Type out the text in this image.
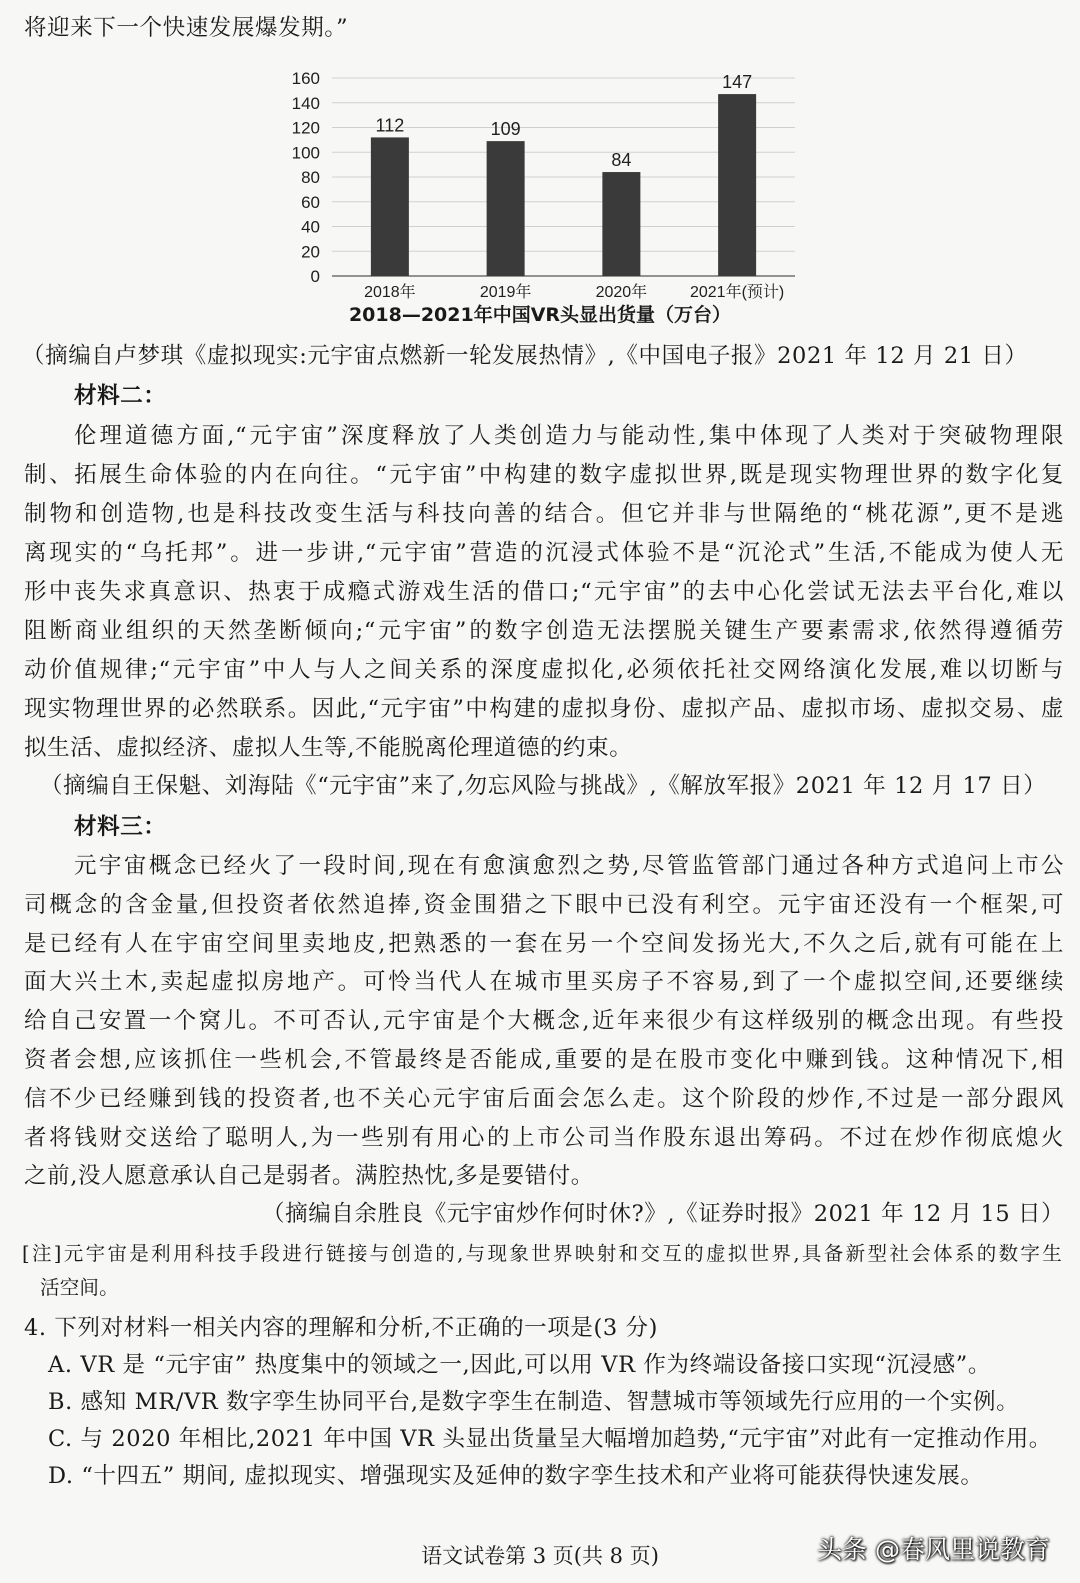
将迎来下一个快速发展爆发期。”
0
20
40
60
80
100
120
140
160
112
2018年
109
2019年
84
2020年
147
2021年(预计)
2018—2021年中国VR头显出货量（万台）
（摘编自卢梦琪《虚拟现实:元宇宙点燃新一轮发展热情》,《中国电子报》2021 年 12 月 21 日）
材料二：
伦理道德方面,“元宇宙”深度释放了人类创造力与能动性,集中体现了人类对于突破物理限
制、拓展生命体验的内在向往。“元宇宙”中构建的数字虚拟世界,既是现实物理世界的数字化复
制物和创造物,也是科技改变生活与科技向善的结合。但它并非与世隔绝的“桃花源”,更不是逃
离现实的“乌托邦”。进一步讲,“元宇宙”营造的沉浸式体验不是“沉沦式”生活,不能成为使人无
形中丧失求真意识、热衷于成瘾式游戏生活的借口;“元宇宙”的去中心化尝试无法去平台化,难以
阻断商业组织的天然垄断倾向;“元宇宙”的数字创造无法摆脱关键生产要素需求,依然得遵循劳
动价值规律;“元宇宙”中人与人之间关系的深度虚拟化,必须依托社交网络演化发展,难以切断与
现实物理世界的必然联系。因此,“元宇宙”中构建的虚拟身份、虚拟产品、虚拟市场、虚拟交易、虚
拟生活、虚拟经济、虚拟人生等,不能脱离伦理道德的约束。
（摘编自王保魁、刘海陆《“元宇宙”来了,勿忘风险与挑战》,《解放军报》2021 年 12 月 17 日）
材料三：
元宇宙概念已经火了一段时间,现在有愈演愈烈之势,尽管监管部门通过各种方式追问上市公
司概念的含金量,但投资者依然追捧,资金围猎之下眼中已没有利空。元宇宙还没有一个框架,可
是已经有人在宇宙空间里卖地皮,把熟悉的一套在另一个空间发扬光大,不久之后,就有可能在上
面大兴土木,卖起虚拟房地产。可怜当代人在城市里买房子不容易,到了一个虚拟空间,还要继续
给自己安置一个窝儿。不可否认,元宇宙是个大概念,近年来很少有这样级别的概念出现。有些投
资者会想,应该抓住一些机会,不管最终是否能成,重要的是在股市变化中赚到钱。这种情况下,相
信不少已经赚到钱的投资者,也不关心元宇宙后面会怎么走。这个阶段的炒作,不过是一部分跟风
者将钱财交送给了聪明人,为一些别有用心的上市公司当作股东退出筹码。不过在炒作彻底熄火
之前,没人愿意承认自己是弱者。满腔热忱,多是要错付。
（摘编自余胜良《元宇宙炒作何时休?》,《证券时报》2021 年 12 月 15 日）
[注]元宇宙是利用科技手段进行链接与创造的,与现象世界映射和交互的虚拟世界,具备新型社会体系的数字生
活空间。
4. 下列对材料一相关内容的理解和分析,不正确的一项是(3 分)
A. VR 是 “元宇宙” 热度集中的领域之一,因此,可以用 VR 作为终端设备接口实现“沉浸感”。
B. 感知 MR/VR 数字孪生协同平台,是数字孪生在制造、智慧城市等领域先行应用的一个实例。
C. 与 2020 年相比,2021 年中国 VR 头显出货量呈大幅增加趋势,“元宇宙”对此有一定推动作用。
D. “十四五” 期间, 虚拟现实、增强现实及延伸的数字孪生技术和产业将可能获得快速发展。
语文试卷第 3 页(共 8 页)	头条 @春风里说教育
